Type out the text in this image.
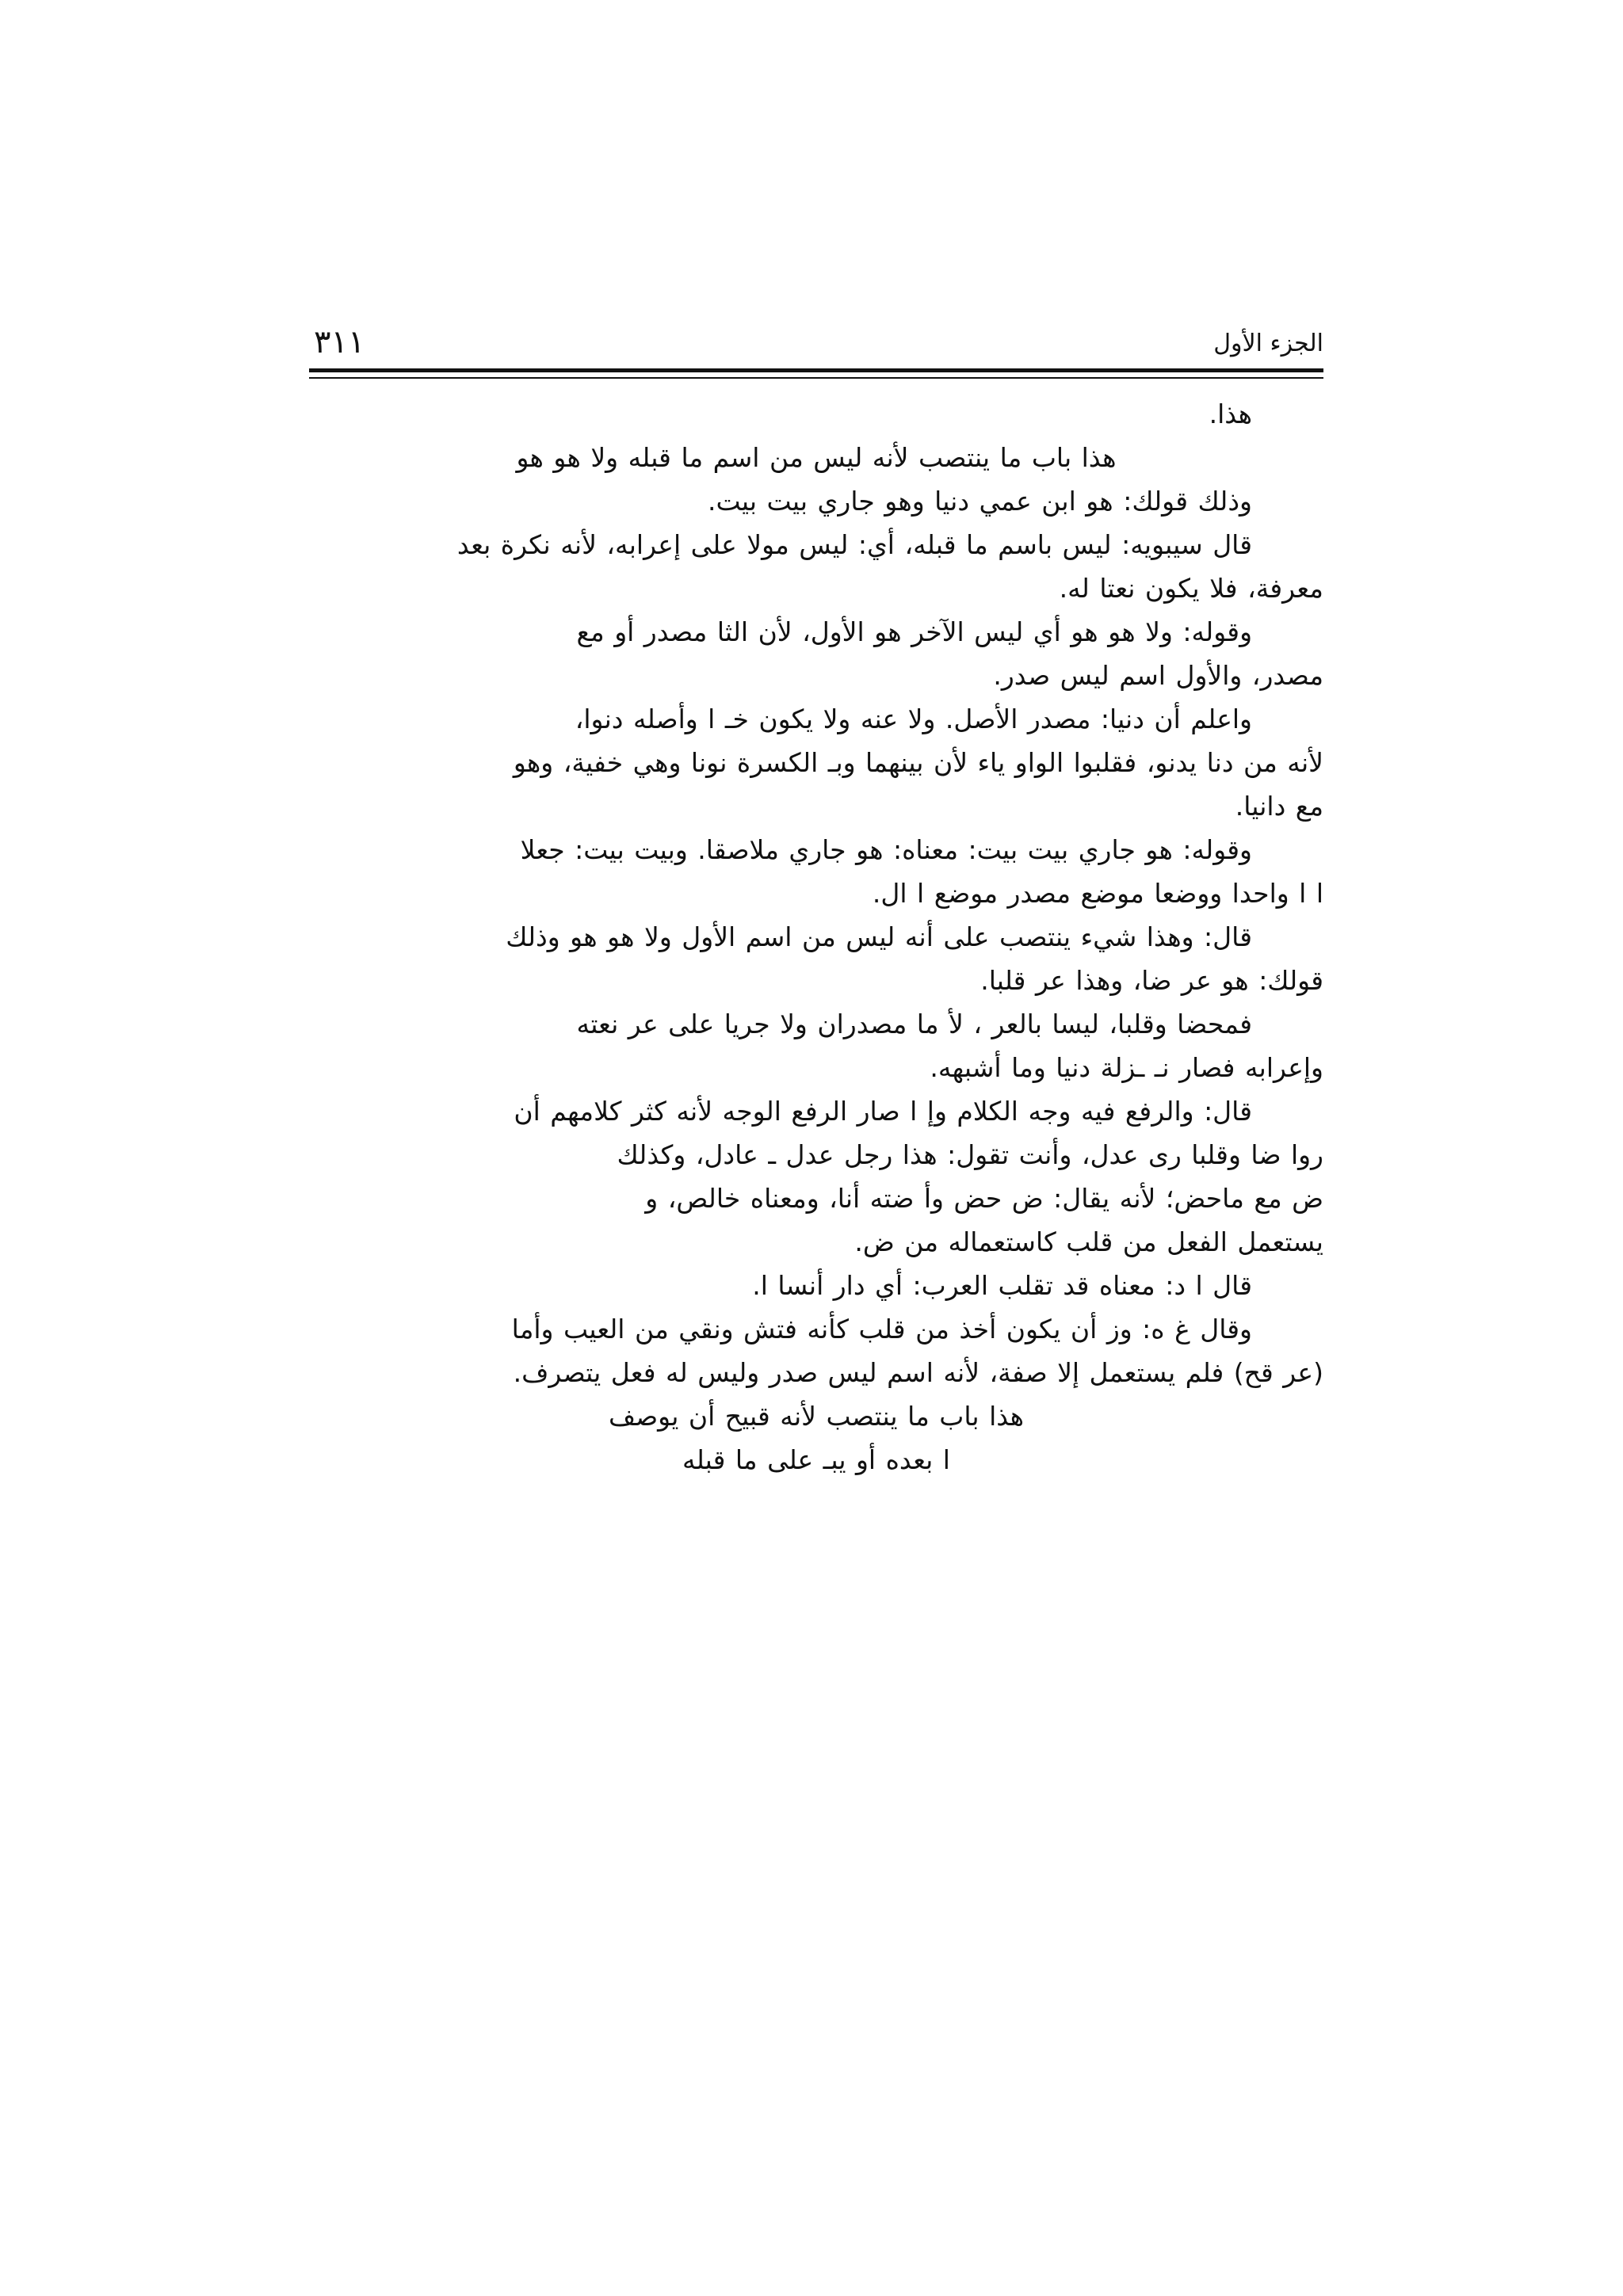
الجزء الأول
٣١١
هذا.
هذا باب ما ينتصب لأنه ليس من اسم ما قبله ولا هو هو
وذلك قولك: هو ابن عمي دنيا وهو جاري بيت بيت.
قال سيبويه: ليس باسم ما قبله، أي: ليس مولا على إعرابه، لأنه نكرة بعد
معرفة، فلا يكون نعتا له.
وقوله: ولا هو هو أي ليس الآخر هو الأول، لأن الثا مصدر أو مع
مصدر، والأول اسم ليس صدر.
واعلم أن دنيا: مصدر الأصل. ولا عنه ولا يكون خـ ا وأصله دنوا،
لأنه من دنا يدنو، فقلبوا الواو ياء لأن بينهما وبـ الكسرة نونا وهي خفية، وهو
مع دانيا.
وقوله: هو جاري بيت بيت: معناه: هو جاري ملاصقا. وبيت بيت: جعلا
ا ا واحدا ووضعا موضع مصدر موضع ا ال.
قال: وهذا شيء ينتصب على أنه ليس من اسم الأول ولا هو هو وذلك
قولك: هو عر ضا، وهذا عر قلبا.
فمحضا وقلبا، ليسا بالعر ، لأ ما مصدران ولا جريا على عر نعته
وإعرابه فصار نـ ـزلة دنيا وما أشبهه.
قال: والرفع فيه وجه الكلام وإ ا صار الرفع الوجه لأنه كثر كلامهم أن
روا ضا وقلبا رى عدل، وأنت تقول: هذا رجل عدل ـ عادل، وكذلك
ض مع ماحض؛ لأنه يقال: ض حض وأ ضته أنا، ومعناه خالص، و
يستعمل الفعل من قلب كاستعماله من ض.
قال ا د: معناه قد تقلب العرب: أي دار أنسا ا.
وقال غ ه: وز أن يكون أخذ من قلب كأنه فتش ونقي من العيب وأما
(عر قح) فلم يستعمل إلا صفة، لأنه اسم ليس صدر وليس له فعل يتصرف.
هذا باب ما ينتصب لأنه قبيح أن يوصف
ا بعده أو يبـ على ما قبله
